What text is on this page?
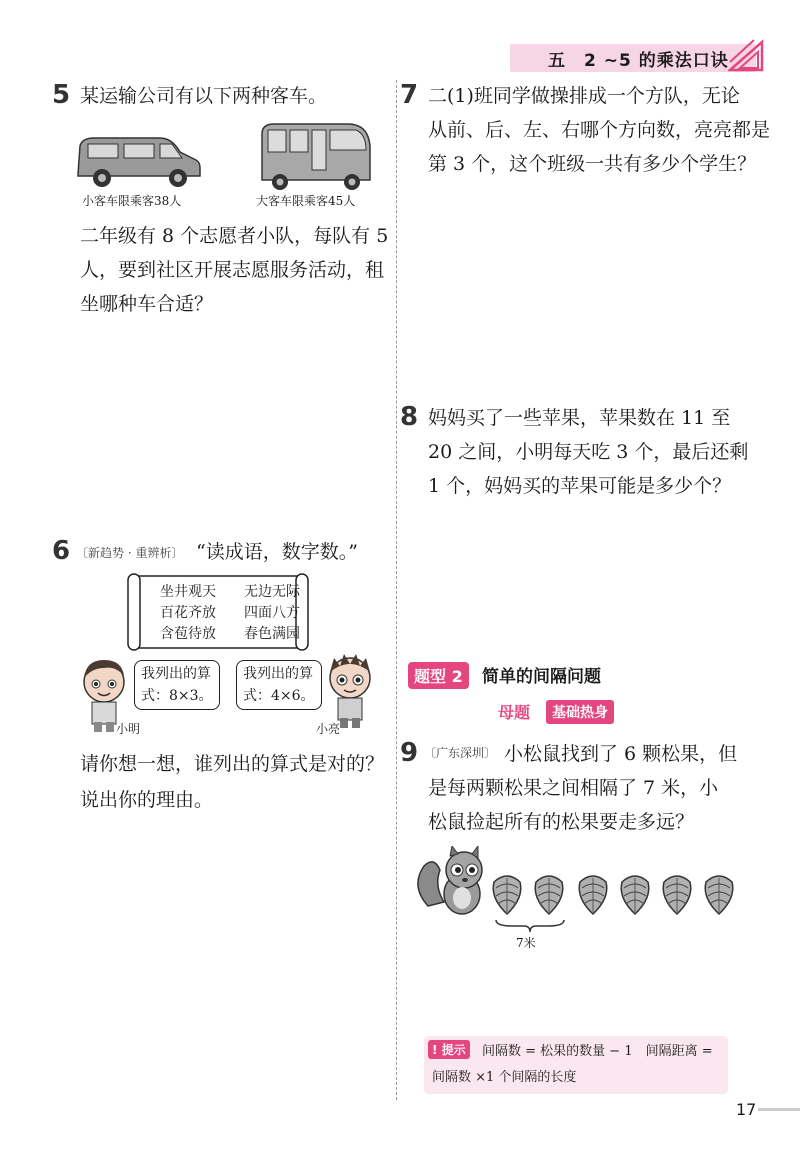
五　2 ~5 的乘法口诀
5 某运输公司有以下两种客车。
小客车限乘客38人	大客车限乘客45人
二年级有 8 个志愿者小队，每队有 5
人，要到社区开展志愿服务活动，租
坐哪种车合适？
6 〔新趋势 · 重辨析〕 “读成语，数字数。”
坐井观天　　无边无际
百花齐放　　四面八方
含苞待放　　春色满园
我列出的算
式：8×3。
小明
我列出的算
式：4×6。
小亮
请你想一想，谁列出的算式是对的？
说出你的理由。
7 二(1)班同学做操排成一个方队，无论
从前、后、左、右哪个方向数，亮亮都是
第 3 个，这个班级一共有多少个学生？
8 妈妈买了一些苹果，苹果数在 11 至
20 之间，小明每天吃 3 个，最后还剩
1 个，妈妈买的苹果可能是多少个？
题型 2	简单的间隔问题
母题	基础热身
9 〔广东深圳〕 小松鼠找到了 6 颗松果，但
是每两颗松果之间相隔了 7 米，小
松鼠捡起所有的松果要走多远？
7米
! 提示	间隔数 = 松果的数量 − 1　间隔距离 =
间隔数 ×1 个间隔的长度
17
